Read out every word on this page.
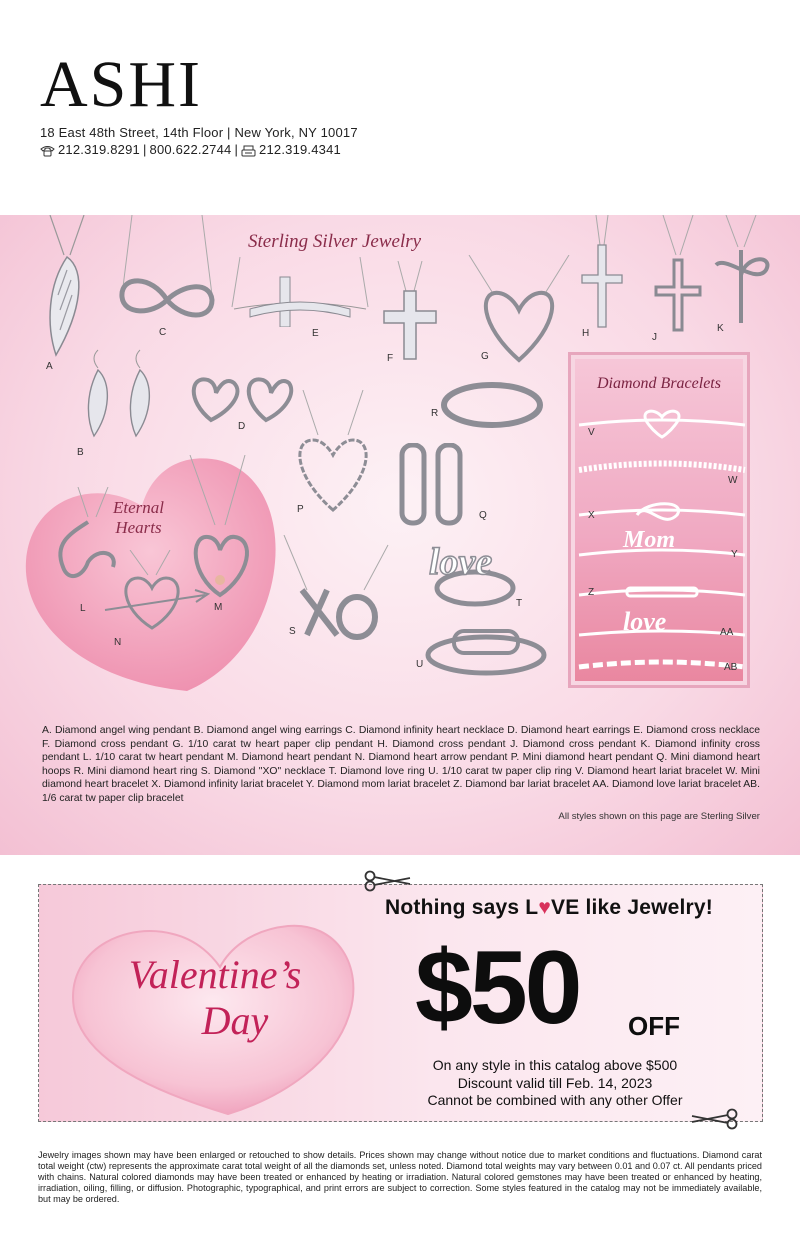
ASHI
18 East 48th Street, 14th Floor | New York, NY 10017
212.319.8291 | 800.622.2744 | 212.319.4341
Sterling Silver Jewelry
A
B
C
D
E
F	G
H	J
K
R
P
Q
S
love
T
U
Eternal
Hearts
L	M
N
Diamond Bracelets
Mom
love
V
W
X
Y
Z
AA
AB
A. Diamond angel wing pendant B. Diamond angel wing earrings C. Diamond infinity heart necklace D. Diamond heart earrings E. Diamond cross necklace F. Diamond cross pendant G. 1/10 carat tw heart paper clip pendant H. Diamond cross pendant J. Diamond cross pendant K. Diamond infinity cross pendant L. 1/10 carat tw heart pendant M. Diamond heart pendant N. Diamond heart arrow pendant P. Mini diamond heart pendant Q. Mini diamond heart hoops R. Mini diamond heart ring S. Diamond "XO" necklace T. Diamond love ring U. 1/10 carat tw paper clip ring V. Diamond heart lariat bracelet W. Mini diamond heart bracelet X. Diamond infinity lariat bracelet Y. Diamond mom lariat bracelet Z. Diamond bar lariat bracelet AA. Diamond love lariat bracelet AB. 1/6 carat tw paper clip bracelet
All styles shown on this page are Sterling Silver
Valentine’s
Day
Nothing says L♥VE like Jewelry!
$50 OFF
On any style in this catalog above $500
Discount valid till Feb. 14, 2023
Cannot be combined with any other Offer
Jewelry images shown may have been enlarged or retouched to show details. Prices shown may change without notice due to market conditions and fluctuations. Diamond carat total weight (ctw) represents the approximate carat total weight of all the diamonds set, unless noted. Diamond total weights may vary between 0.01 and 0.07 ct. All pendants priced with chains. Natural colored diamonds may have been treated or enhanced by heating or irradiation. Natural colored gemstones may have been treated or enhanced by heating, irradiation, oiling, filling, or diffusion. Photographic, typographical, and print errors are subject to correction. Some styles featured in the catalog may not be immediately available, but may be ordered.
